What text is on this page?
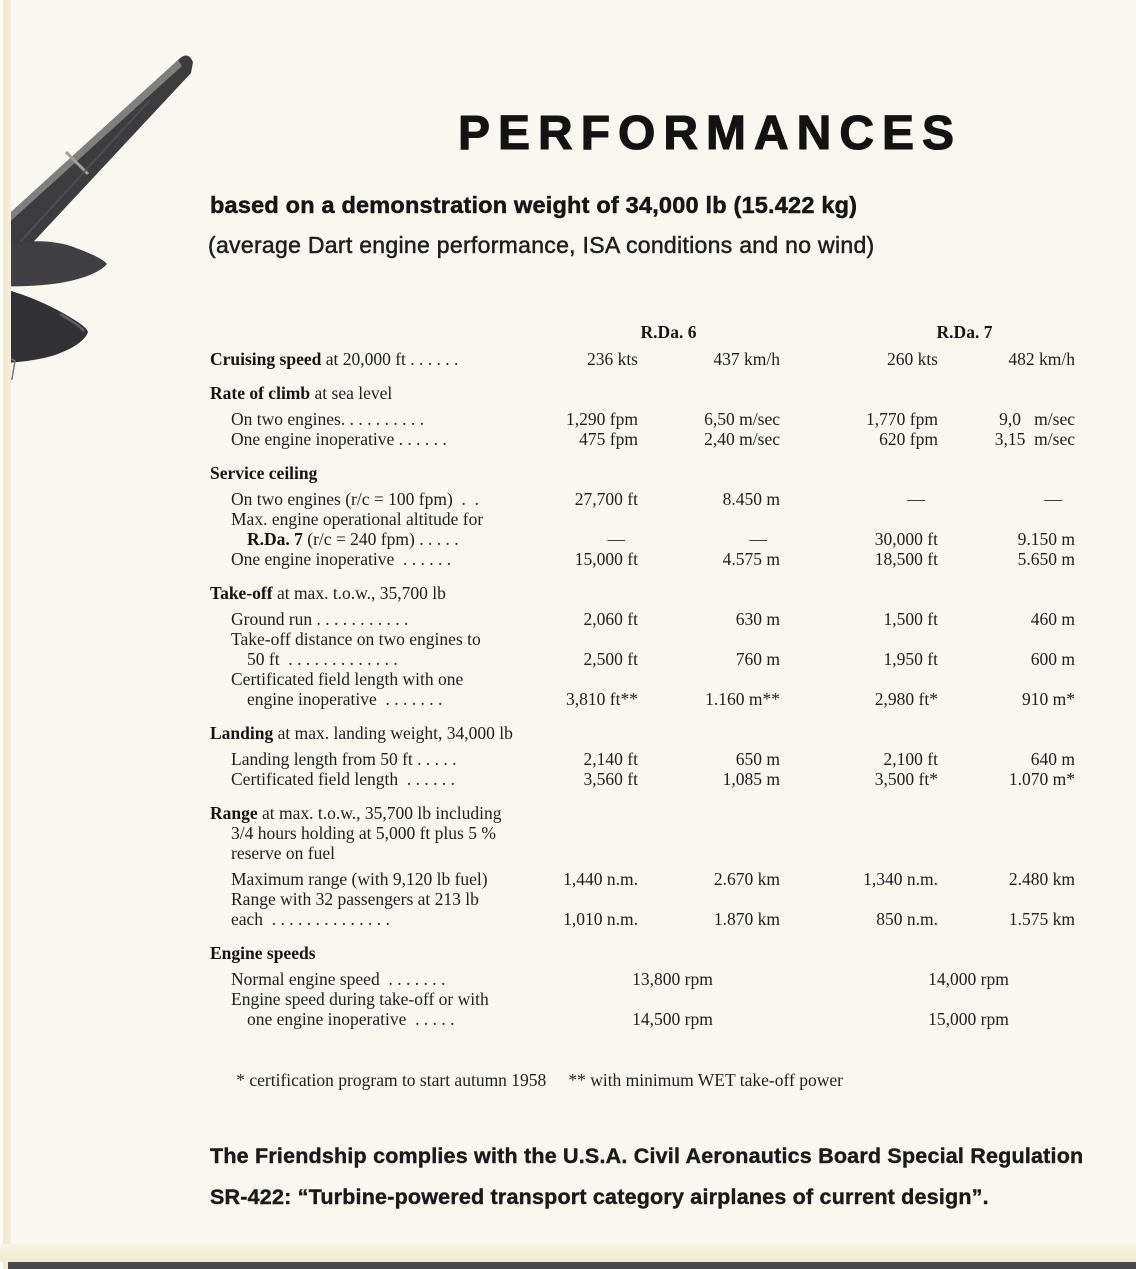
PERFORMANCES
based on a demonstration weight of 34,000 lb (15.422 kg)
(average Dart engine performance, ISA conditions and no wind)
R.Da. 6	R.Da. 7
Cruising speed at 20,000 ft . . . . . .	236 kts	437 km/h	260 kts	482 km/h
Rate of climb at sea level
On two engines. . . . . . . . . .	1,290 fpm	6,50 m/sec	1,770 fpm	9,0   m/sec
One engine inoperative . . . . . .	475 fpm	2,40 m/sec	620 fpm	3,15  m/sec
Service ceiling
On two engines (r/c = 100 fpm)  .  .	27,700 ft	8.450 m	—	—
Max. engine operational altitude for
R.Da. 7 (r/c = 240 fpm) . . . . .	—	—	30,000 ft	9.150 m
One engine inoperative  . . . . . .	15,000 ft	4.575 m	18,500 ft	5.650 m
Take-off at max. t.o.w., 35,700 lb
Ground run . . . . . . . . . . .	2,060 ft	630 m	1,500 ft	460 m
Take-off distance on two engines to
50 ft  . . . . . . . . . . . . .	2,500 ft	760 m	1,950 ft	600 m
Certificated field length with one
engine inoperative  . . . . . . .	3,810 ft**	1.160 m**	2,980 ft*	910 m*
Landing at max. landing weight, 34,000 lb
Landing length from 50 ft . . . . .	2,140 ft	650 m	2,100 ft	640 m
Certificated field length  . . . . . .	3,560 ft	1,085 m	3,500 ft*	1.070 m*
Range at max. t.o.w., 35,700 lb including
3/4 hours holding at 5,000 ft plus 5 %
reserve on fuel
Maximum range (with 9,120 lb fuel)	1,440 n.m.	2.670 km	1,340 n.m.	2.480 km
Range with 32 passengers at 213 lb
each  . . . . . . . . . . . . . .	1,010 n.m.	1.870 km	850 n.m.	1.575 km
Engine speeds
Normal engine speed  . . . . . . .	13,800 rpm	14,000 rpm
Engine speed during take-off or with
one engine inoperative  . . . . .	14,500 rpm	15,000 rpm

* certification program to start autumn 1958 ** with minimum WET take-off power

The Friendship complies with the U.S.A. Civil Aeronautics Board Special Regulation

SR-422: “Turbine-powered transport category airplanes of current design”.
